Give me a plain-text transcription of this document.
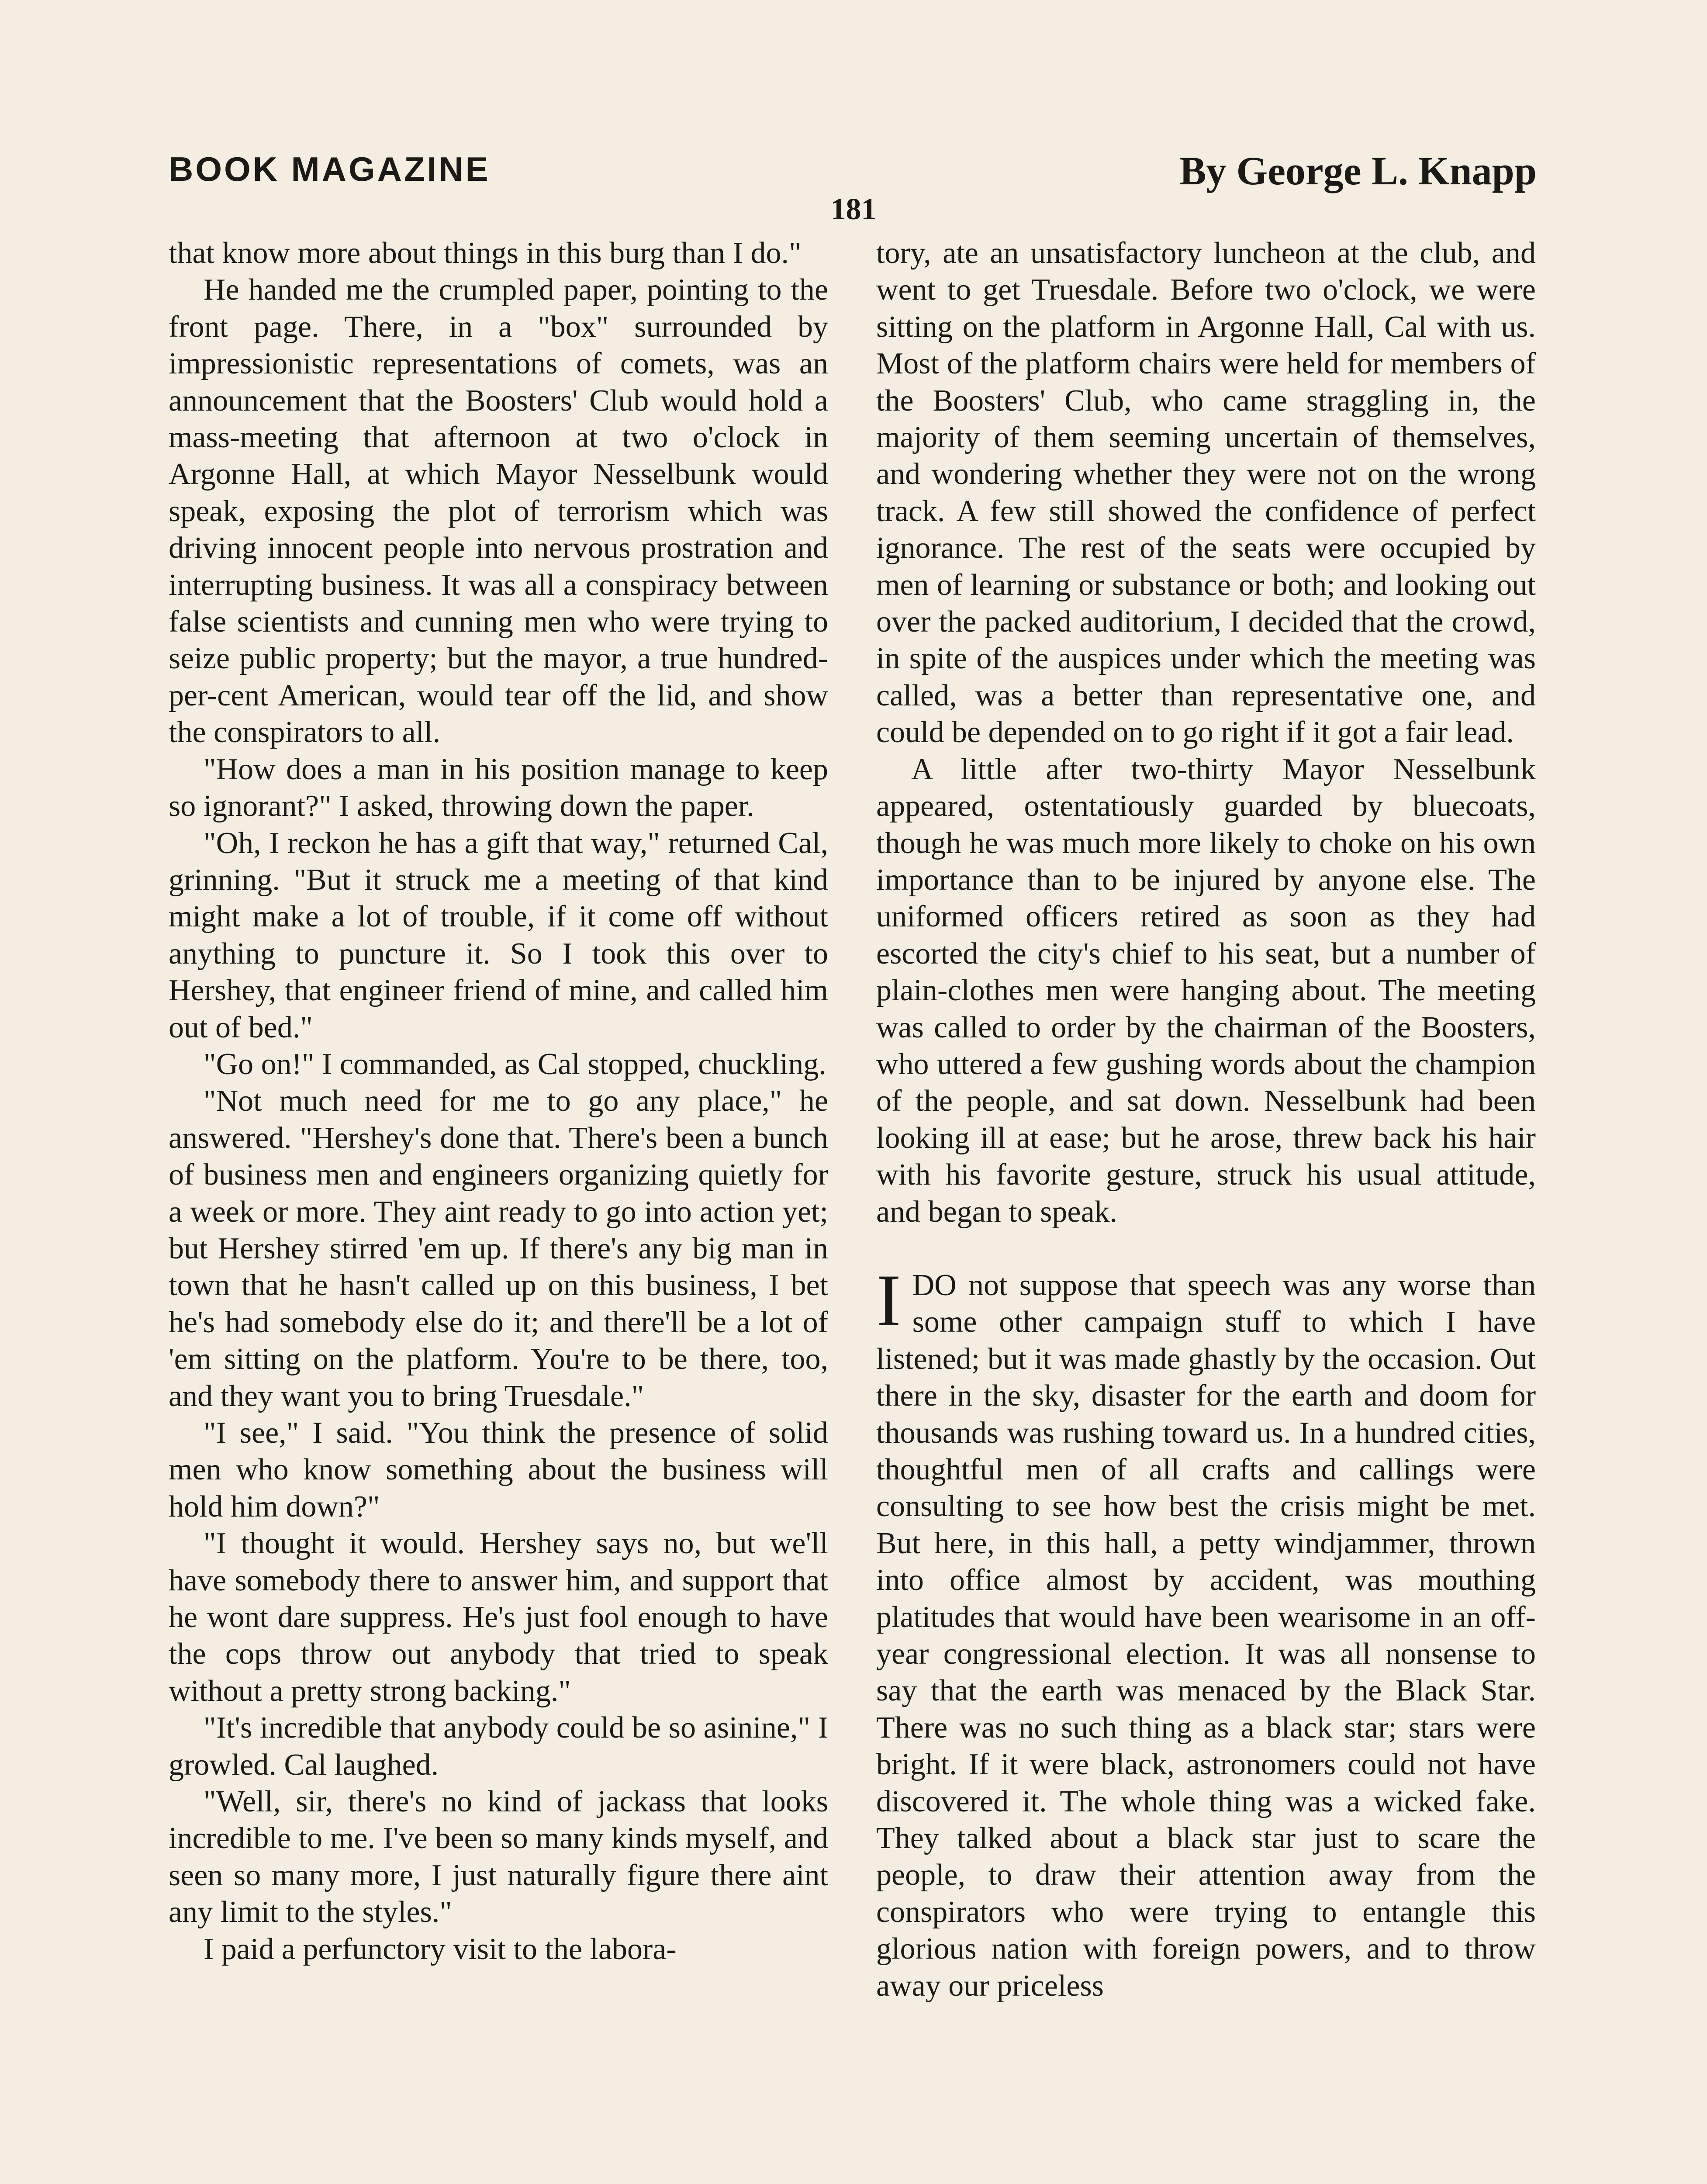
BOOK MAGAZINE	By George L. Knapp
181

that know more about things in this burg than I do."

He handed me the crumpled paper, pointing to the front page. There, in a "box" surrounded by impressionistic representations of comets, was an announcement that the Boosters' Club would hold a mass-meeting that afternoon at two o'clock in Argonne Hall, at which Mayor Nesselbunk would speak, exposing the plot of terrorism which was driving innocent people into nervous prostration and interrupting business. It was all a conspiracy between false scientists and cunning men who were trying to seize public property; but the mayor, a true hundred-per-cent American, would tear off the lid, and show the conspirators to all.

"How does a man in his position manage to keep so ignorant?" I asked, throwing down the paper.

"Oh, I reckon he has a gift that way," returned Cal, grinning. "But it struck me a meeting of that kind might make a lot of trouble, if it come off without anything to puncture it. So I took this over to Hershey, that engineer friend of mine, and called him out of bed."

"Go on!" I commanded, as Cal stopped, chuckling.

"Not much need for me to go any place," he answered. "Hershey's done that. There's been a bunch of business men and engineers organizing quietly for a week or more. They aint ready to go into action yet; but Hershey stirred 'em up. If there's any big man in town that he hasn't called up on this business, I bet he's had somebody else do it; and there'll be a lot of 'em sitting on the platform. You're to be there, too, and they want you to bring Truesdale."

"I see," I said. "You think the presence of solid men who know something about the business will hold him down?"

"I thought it would. Hershey says no, but we'll have somebody there to answer him, and support that he wont dare suppress. He's just fool enough to have the cops throw out anybody that tried to speak without a pretty strong backing."

"It's incredible that anybody could be so asinine," I growled. Cal laughed.

"Well, sir, there's no kind of jackass that looks incredible to me. I've been so many kinds myself, and seen so many more, I just naturally figure there aint any limit to the styles."

I paid a perfunctory visit to the labora-

tory, ate an unsatisfactory luncheon at the club, and went to get Truesdale. Before two o'clock, we were sitting on the platform in Argonne Hall, Cal with us. Most of the platform chairs were held for members of the Boosters' Club, who came straggling in, the majority of them seeming uncertain of themselves, and wondering whether they were not on the wrong track. A few still showed the confidence of perfect ignorance. The rest of the seats were occupied by men of learning or substance or both; and looking out over the packed auditorium, I decided that the crowd, in spite of the auspices under which the meeting was called, was a better than representative one, and could be depended on to go right if it got a fair lead.

A little after two-thirty Mayor Nesselbunk appeared, ostentatiously guarded by bluecoats, though he was much more likely to choke on his own importance than to be injured by anyone else. The uniformed officers retired as soon as they had escorted the city's chief to his seat, but a number of plain-clothes men were hanging about. The meeting was called to order by the chairman of the Boosters, who uttered a few gushing words about the champion of the people, and sat down. Nesselbunk had been looking ill at ease; but he arose, threw back his hair with his favorite gesture, struck his usual attitude, and began to speak.

IDO not suppose that speech was any worse than some other campaign stuff to which I have listened; but it was made ghastly by the occasion. Out there in the sky, disaster for the earth and doom for thousands was rushing toward us. In a hundred cities, thoughtful men of all crafts and callings were consulting to see how best the crisis might be met. But here, in this hall, a petty windjammer, thrown into office almost by accident, was mouthing platitudes that would have been wearisome in an off-year congressional election. It was all nonsense to say that the earth was menaced by the Black Star. There was no such thing as a black star; stars were bright. If it were black, astronomers could not have discovered it. The whole thing was a wicked fake. They talked about a black star just to scare the people, to draw their attention away from the conspirators who were trying to entangle this glorious nation with foreign powers, and to throw away our priceless
